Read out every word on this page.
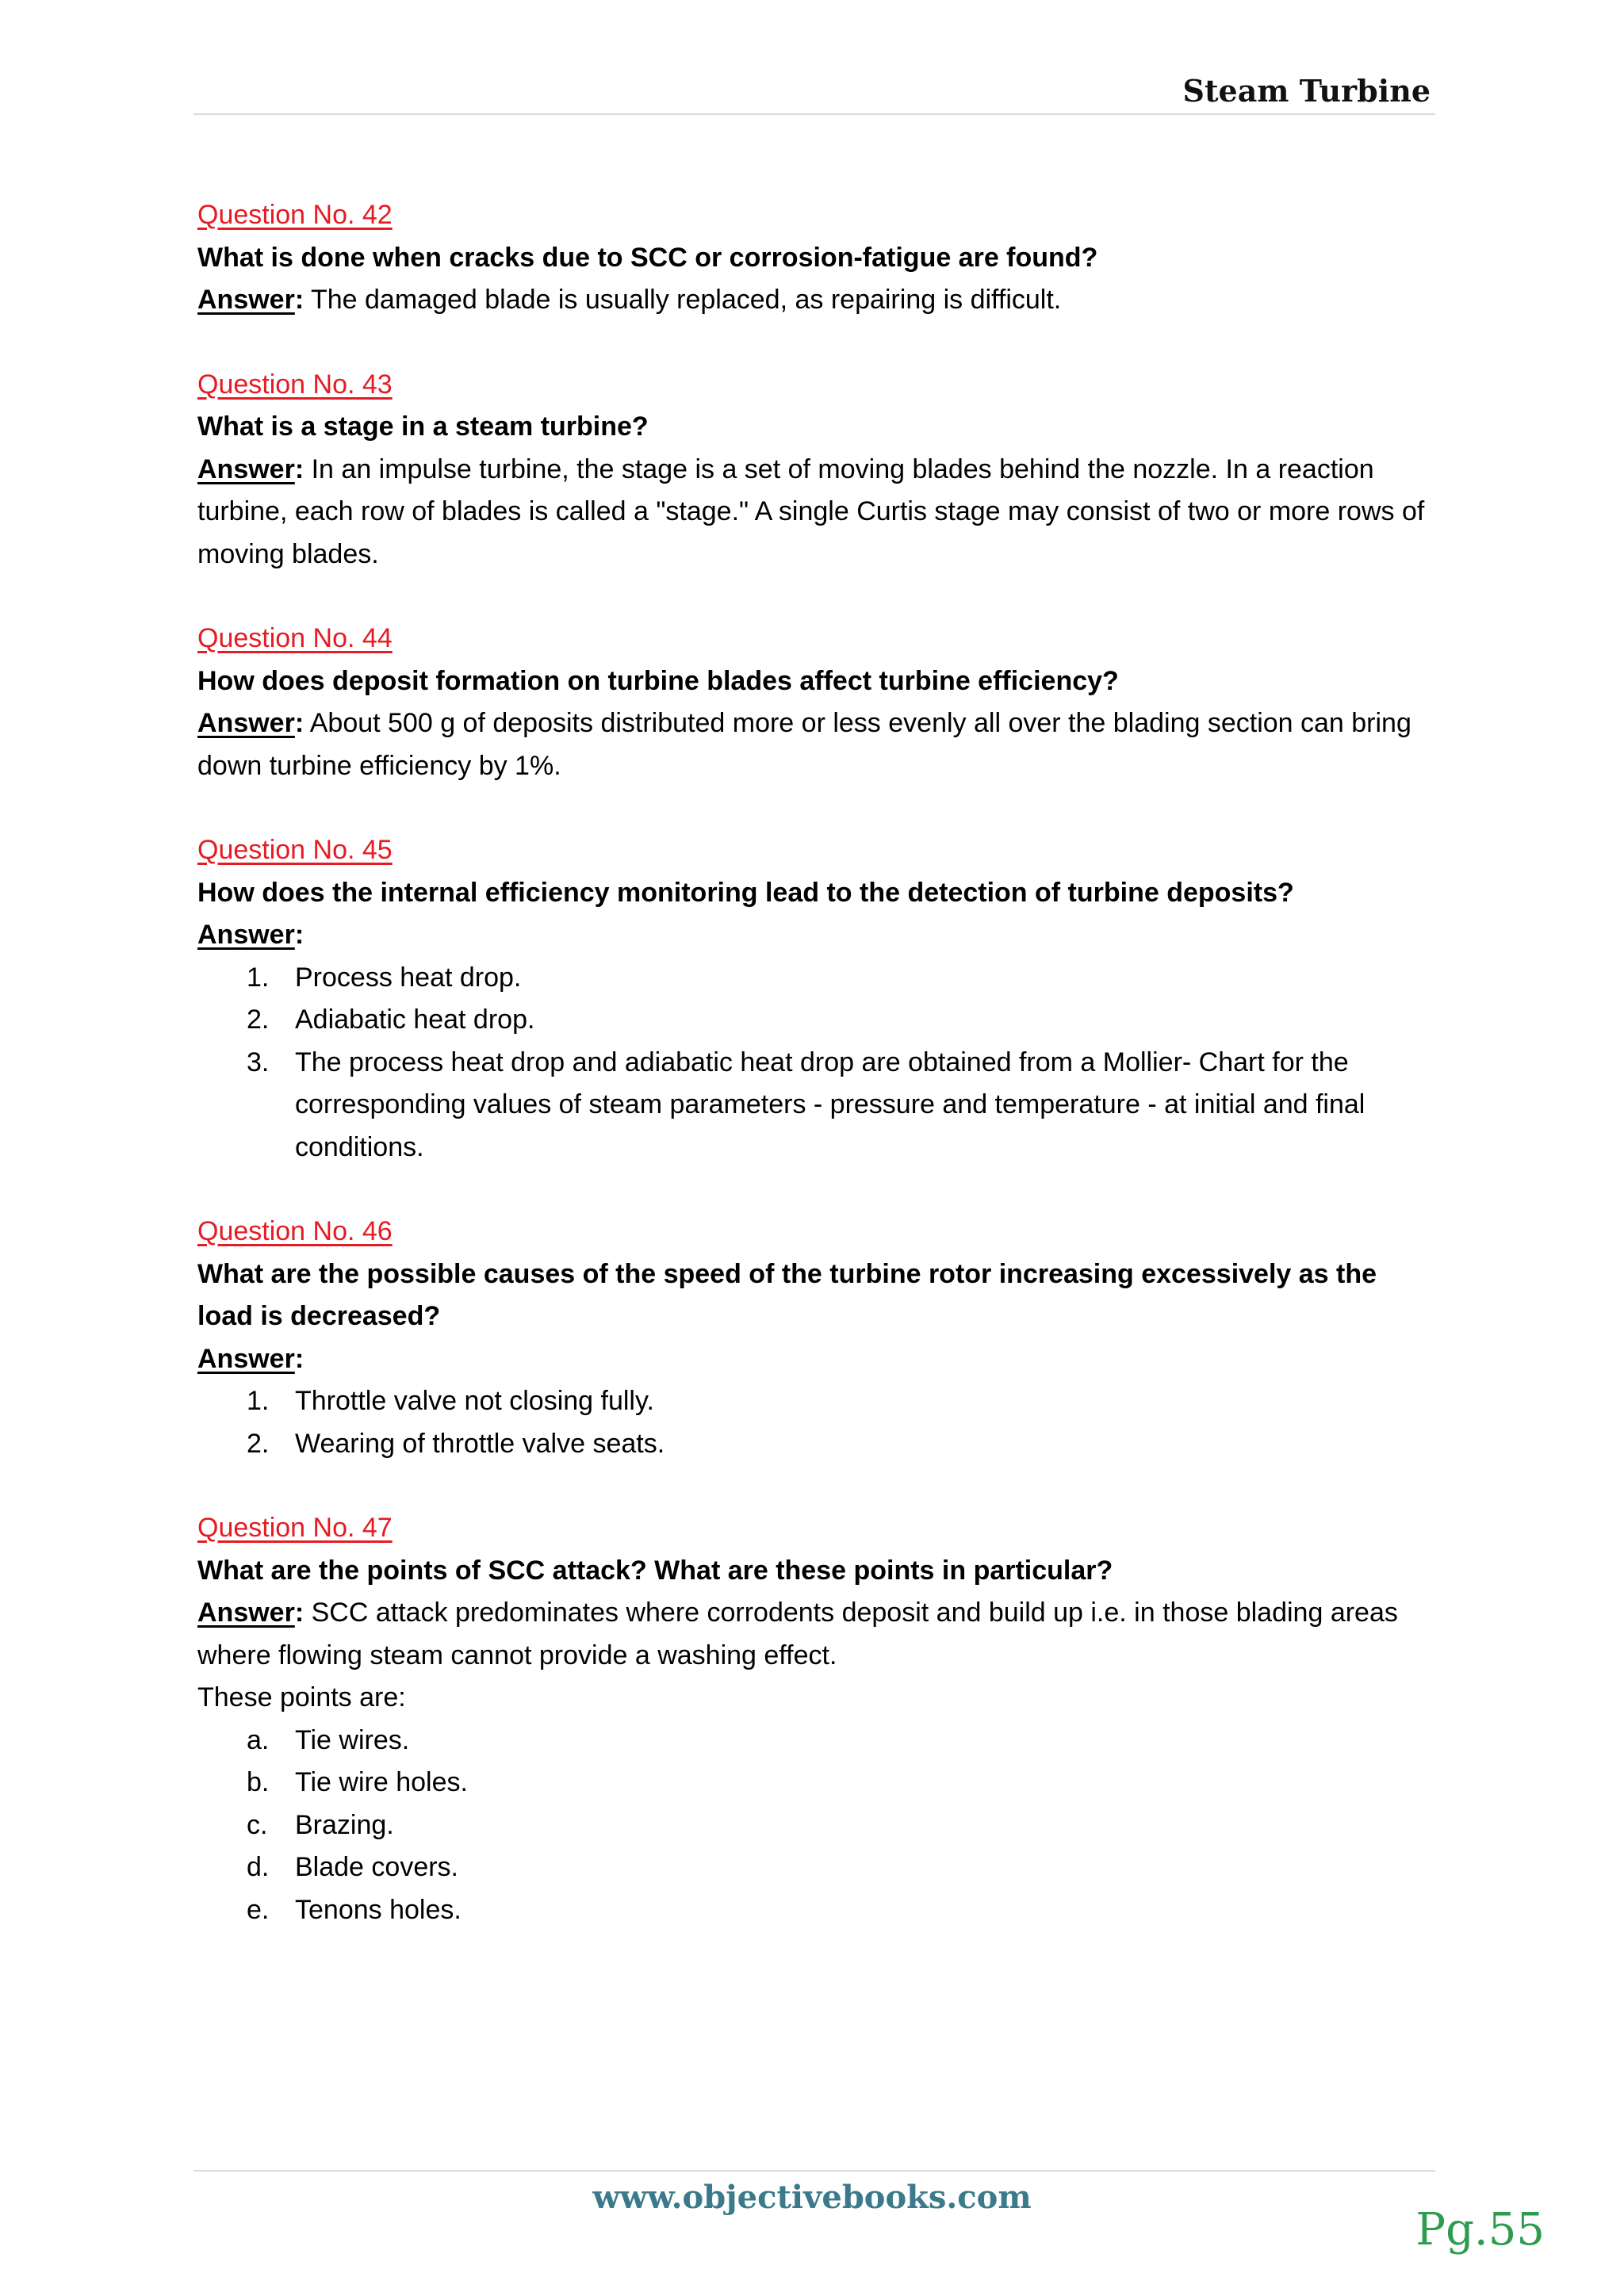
Steam Turbine
Question No. 42
What is done when cracks due to SCC or corrosion-fatigue are found?
Answer: The damaged blade is usually replaced, as repairing is difficult.
Question No. 43
What is a stage in a steam turbine?
Answer: In an impulse turbine, the stage is a set of moving blades behind the nozzle. In a reaction turbine, each row of blades is called a "stage." A single Curtis stage may consist of two or more rows of moving blades.
Question No. 44
How does deposit formation on turbine blades affect turbine efficiency?
Answer: About 500 g of deposits distributed more or less evenly all over the blading section can bring down turbine efficiency by 1%.
Question No. 45
How does the internal efficiency monitoring lead to the detection of turbine deposits?
Answer:
1. Process heat drop.
2. Adiabatic heat drop.
3. The process heat drop and adiabatic heat drop are obtained from a Mollier- Chart for the corresponding values of steam parameters - pressure and temperature - at initial and final conditions.
Question No. 46
What are the possible causes of the speed of the turbine rotor increasing excessively as the load is decreased?
Answer:
1. Throttle valve not closing fully.
2. Wearing of throttle valve seats.
Question No. 47
What are the points of SCC attack? What are these points in particular?
Answer: SCC attack predominates where corrodents deposit and build up i.e. in those blading areas where flowing steam cannot provide a washing effect.
These points are:
a. Tie wires.
b. Tie wire holes.
c.	Brazing.
d. Blade covers.
e. Tenons holes.
www.objectivebooks.com
Pg.55
